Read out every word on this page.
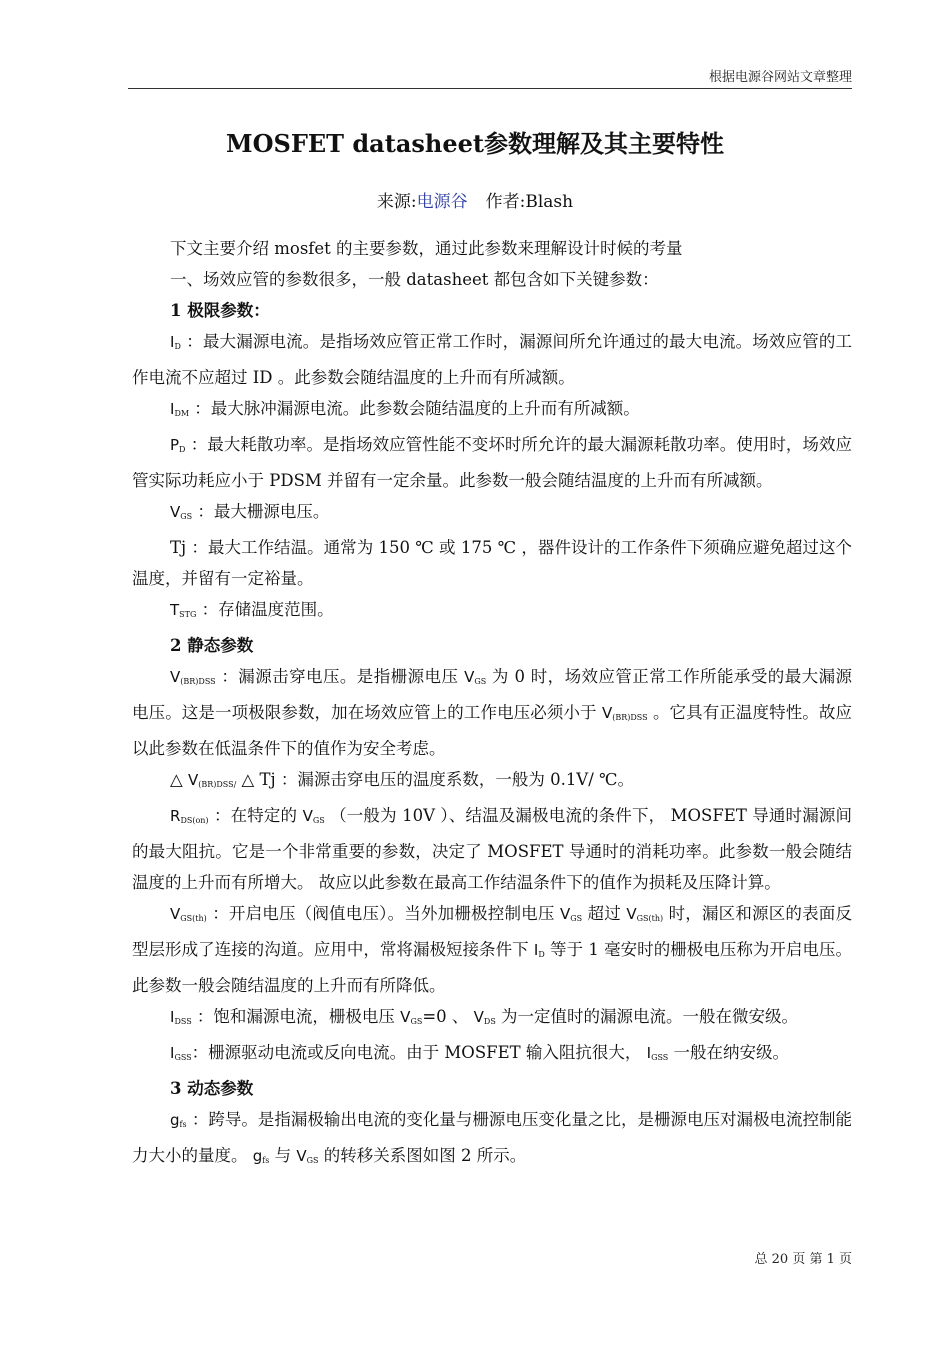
根据电源谷网站文章整理
MOSFET datasheet参数理解及其主要特性
来源:电源谷 作者:Blash

下文主要介绍 mosfet 的主要参数，通过此参数来理解设计时候的考量

一、场效应管的参数很多，一般 datasheet 都包含如下关键参数：

1 极限参数：

$I_D$ ：最大漏源电流。是指场效应管正常工作时，漏源间所允许通过的最大电流。场效应管的工作电流不应超过 ID 。此参数会随结温度的上升而有所减额。

$I_{DM}$ ：最大脉冲漏源电流。此参数会随结温度的上升而有所减额。

$P_D$ ：最大耗散功率。是指场效应管性能不变坏时所允许的最大漏源耗散功率。使用时，场效应管实际功耗应小于 PDSM 并留有一定余量。此参数一般会随结温度的上升而有所减额。

$V_{GS}$ ：最大栅源电压。

Tj ：最大工作结温。通常为 150 ℃ 或 175 ℃ ，器件设计的工作条件下须确应避免超过这个温度，并留有一定裕量。

$T_{STG}$ ：存储温度范围。

2 静态参数

$V_{(BR)DSS}$ ：漏源击穿电压。是指栅源电压 $V_{GS}$ 为 0 时，场效应管正常工作所能承受的最大漏源电压。这是一项极限参数，加在场效应管上的工作电压必须小于 $V_{(BR)DSS}$ 。它具有正温度特性。故应以此参数在低温条件下的值作为安全考虑。

△ $V_{(BR)DSS/}$ △ Tj ：漏源击穿电压的温度系数，一般为 0.1V/ ℃。

$R_{DS(on)}$ ：在特定的 $V_{GS}$ （一般为 10V ）、结温及漏极电流的条件下， MOSFET 导通时漏源间的最大阻抗。它是一个非常重要的参数，决定了 MOSFET 导通时的消耗功率。此参数一般会随结温度的上升而有所增大。 故应以此参数在最高工作结温条件下的值作为损耗及压降计算。

$V_{GS(th)}$ ：开启电压（阀值电压）。当外加栅极控制电压 $V_{GS}$ 超过 $V_{GS(th)}$ 时，漏区和源区的表面反型层形成了连接的沟道。应用中，常将漏极短接条件下 $I_D$ 等于 1 毫安时的栅极电压称为开启电压。此参数一般会随结温度的上升而有所降低。

$I_{DSS}$ ：饱和漏源电流，栅极电压 $V_{GS}=0$ 、 $V_{DS}$ 为一定值时的漏源电流。一般在微安级。

$I_{GSS}$：栅源驱动电流或反向电流。由于 MOSFET 输入阻抗很大， $I_{GSS}$ 一般在纳安级。

3 动态参数

$g_{fs}$ ：跨导。是指漏极输出电流的变化量与栅源电压变化量之比，是栅源电压对漏极电流控制能力大小的量度。 $g_{fs}$ 与 $V_{GS}$ 的转移关系图如图 2 所示。

总 20 页 第 1 页
